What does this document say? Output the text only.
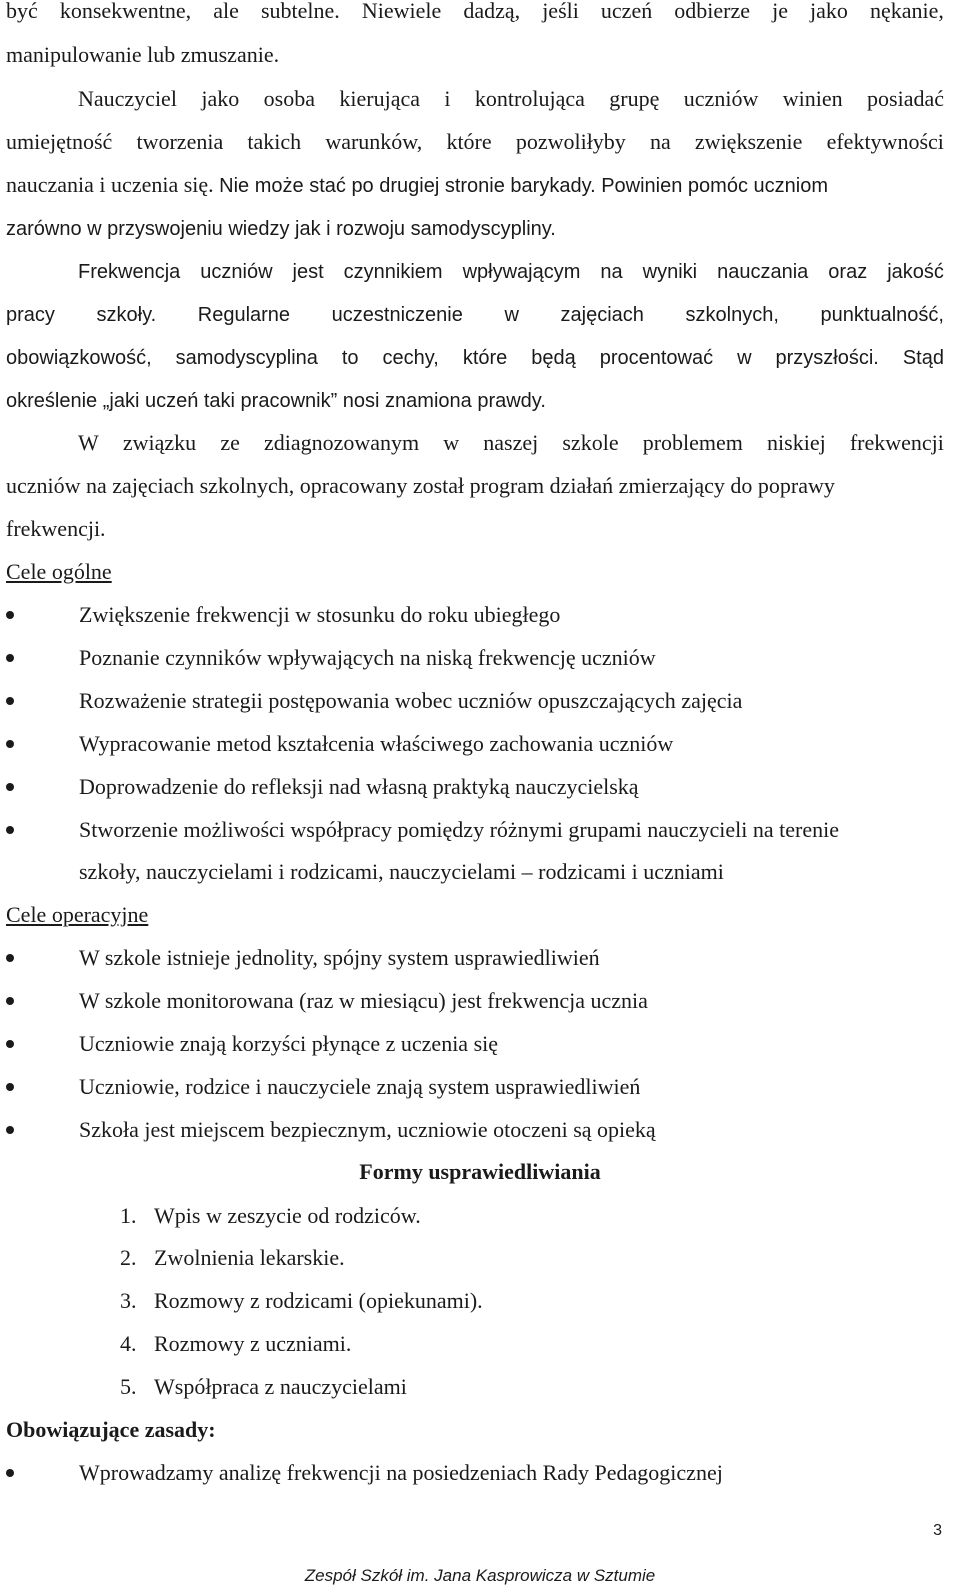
być konsekwentne, ale subtelne. Niewiele dadzą, jeśli uczeń odbierze je jako nękanie,
manipulowanie lub zmuszanie.
Nauczyciel jako osoba kierująca i kontrolująca grupę uczniów winien posiadać
umiejętność tworzenia takich warunków, które pozwoliłyby na zwiększenie efektywności
nauczania i uczenia się. Nie może stać po drugiej stronie barykady. Powinien pomóc uczniom
zarówno w przyswojeniu wiedzy jak i rozwoju samodyscypliny.
Frekwencja uczniów jest czynnikiem wpływającym na wyniki nauczania oraz jakość
pracy szkoły. Regularne uczestniczenie w zajęciach szkolnych, punktualność,
obowiązkowość, samodyscyplina to cechy, które będą procentować w przyszłości. Stąd
określenie „jaki uczeń taki pracownik” nosi znamiona prawdy.
W związku ze zdiagnozowanym w naszej szkole problemem niskiej frekwencji
uczniów na zajęciach szkolnych, opracowany został program działań zmierzający do poprawy
frekwencji.
Cele ogólne
Zwiększenie frekwencji w stosunku do roku ubiegłego
Poznanie czynników wpływających na niską frekwencję uczniów
Rozważenie strategii postępowania wobec uczniów opuszczających zajęcia
Wypracowanie metod kształcenia właściwego zachowania uczniów
Doprowadzenie do refleksji nad własną praktyką nauczycielską
Stworzenie możliwości współpracy pomiędzy różnymi grupami nauczycieli na terenie
szkoły, nauczycielami i rodzicami, nauczycielami – rodzicami i uczniami
Cele operacyjne
W szkole istnieje jednolity, spójny system usprawiedliwień
W szkole monitorowana (raz w miesiącu) jest frekwencja ucznia
Uczniowie znają korzyści płynące z uczenia się
Uczniowie, rodzice i nauczyciele znają system usprawiedliwień
Szkoła jest miejscem bezpiecznym, uczniowie otoczeni są opieką
Formy usprawiedliwiania
1. Wpis w zeszycie od rodziców.
2. Zwolnienia lekarskie.
3. Rozmowy z rodzicami (opiekunami).
4. Rozmowy z uczniami.
5. Współpraca z nauczycielami
Obowiązujące zasady:
Wprowadzamy analizę frekwencji na posiedzeniach Rady Pedagogicznej
3
Zespół Szkół im. Jana Kasprowicza w Sztumie
